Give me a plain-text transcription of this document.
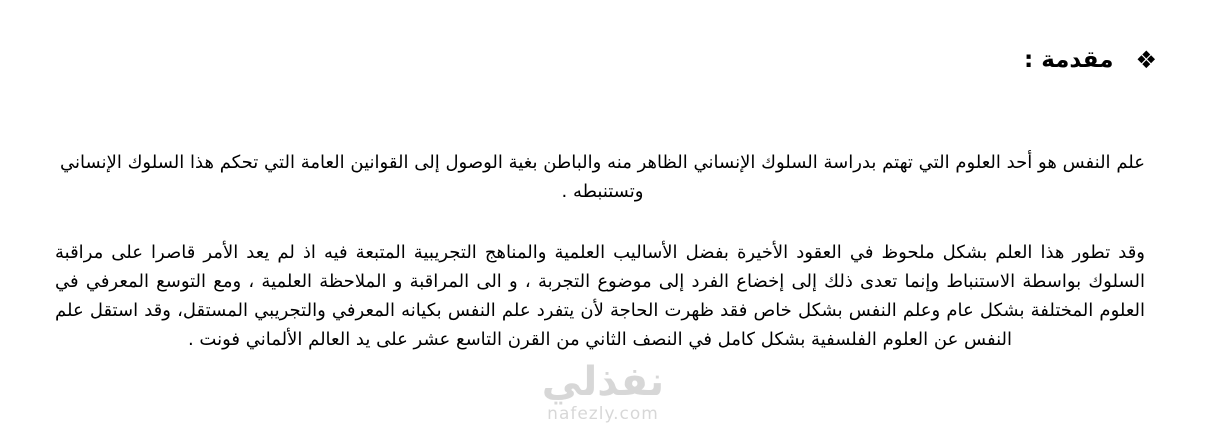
❖
مقدمة :
علم النفس هو أحد العلوم التي تهتم بدراسة السلوك الإنساني الظاهر منه والباطن بغية الوصول إلى القوانين العامة التي تحكم هذا السلوك الإنساني وتستنبطه .
وقد تطور هذا العلم بشكل ملحوظ في العقود الأخيرة بفضل الأساليب العلمية والمناهج التجريبية المتبعة فيه اذ لم يعد الأمر قاصرا على مراقبة السلوك بواسطة الاستنباط وإنما تعدى ذلك إلى إخضاع الفرد إلى موضوع التجربة ، و الى المراقبة و الملاحظة العلمية ، ومع التوسع المعرفي في العلوم المختلفة بشكل عام وعلم النفس بشكل خاص فقد ظهرت الحاجة لأن يتفرد علم النفس بكيانه المعرفي والتجريبي المستقل، وقد استقل علم النفس عن العلوم الفلسفية بشكل كامل في النصف الثاني من القرن التاسع عشر على يد العالم الألماني فونت .
نفذلي
nafezly.com
